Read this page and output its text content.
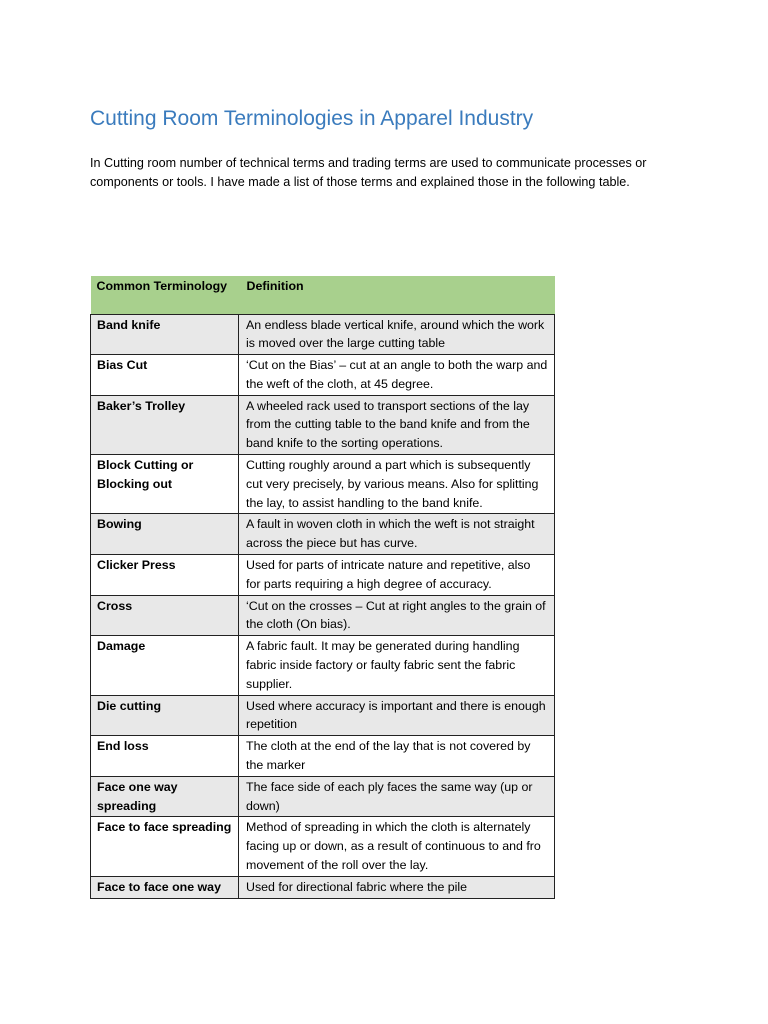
Cutting Room Terminologies in Apparel Industry

In Cutting room number of technical terms and trading terms are used to communicate processes or components or tools. I have made a list of those terms and explained those in the following table.

Common Terminology	Definition
Band knife	An endless blade vertical knife, around which the work is moved over the large cutting table
Bias Cut	‘Cut on the Bias’ – cut at an angle to both the warp and the weft of the cloth, at 45 degree.
Baker’s Trolley	A wheeled rack used to transport sections of the lay from the cutting table to the band knife and from the band knife to the sorting operations.
Block Cutting or Blocking out	Cutting roughly around a part which is subsequently cut very precisely, by various means. Also for splitting the lay, to assist handling to the band knife.
Bowing	A fault in woven cloth in which the weft is not straight across the piece but has curve.
Clicker Press	Used for parts of intricate nature and repetitive, also for parts requiring a high degree of accuracy.
Cross	‘Cut on the crosses – Cut at right angles to the grain of the cloth (On bias).
Damage	A fabric fault. It may be generated during handling fabric inside factory or faulty fabric sent the fabric supplier.
Die cutting	Used where accuracy is important and there is enough repetition
End loss	The cloth at the end of the lay that is not covered by the marker
Face one way spreading	The face side of each ply faces the same way (up or down)
Face to face spreading	Method of spreading in which the cloth is alternately facing up or down, as a result of continuous to and fro movement of the roll over the lay.
Face to face one way	Used for directional fabric where the pile
